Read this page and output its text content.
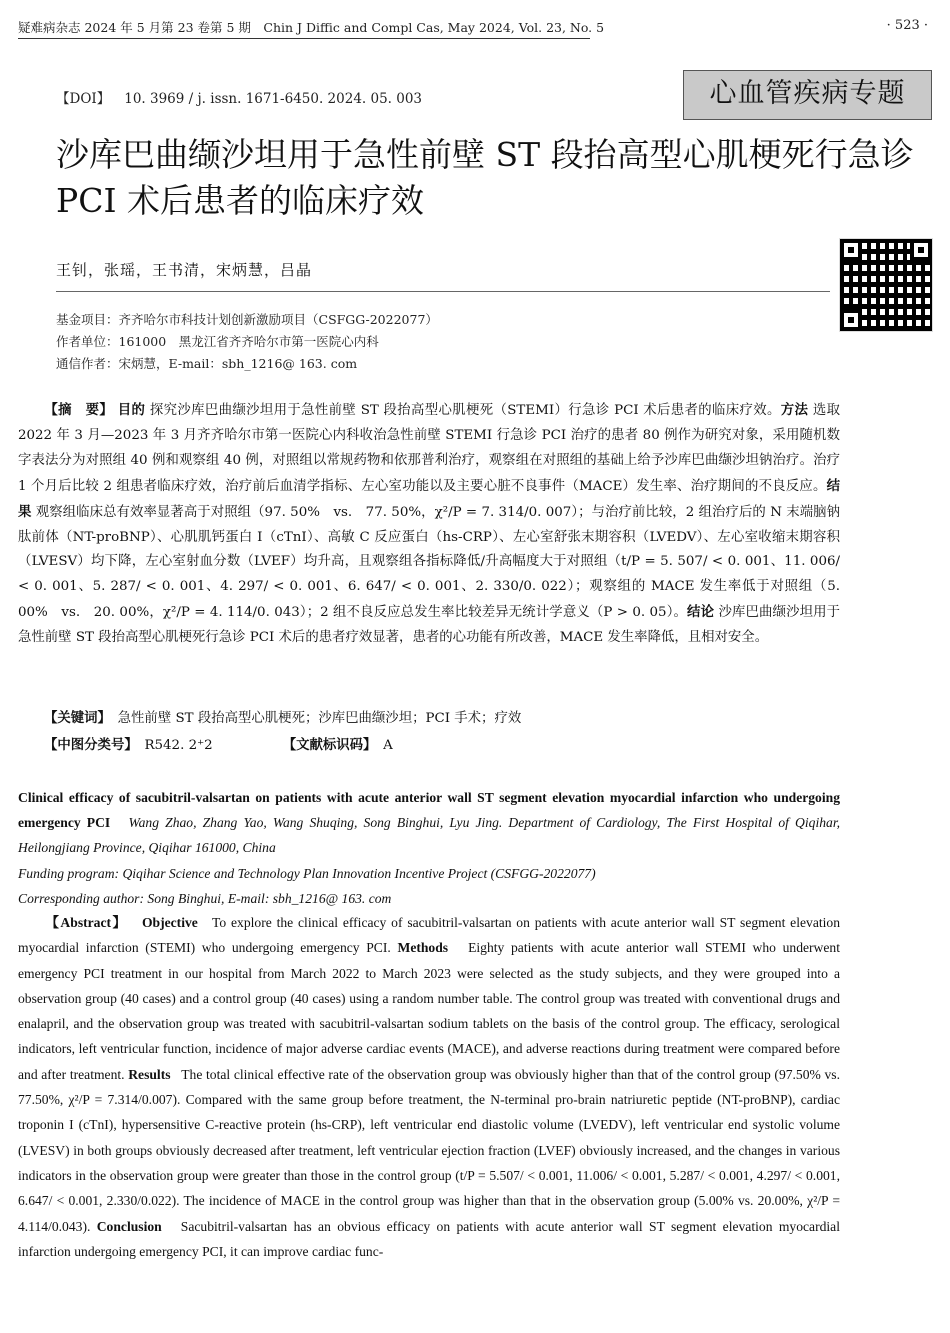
疑难病杂志 2024 年 5 月第 23 卷第 5 期　Chin J Diffic and Compl Cas, May 2024, Vol. 23, No. 5	· 523 ·
【DOI】 10. 3969 / j. issn. 1671-6450. 2024. 05. 003	心血管疾病专题
沙库巴曲缬沙坦用于急性前壁 ST 段抬高型心肌梗死行急诊 PCI 术后患者的临床疗效
王钊，张瑶，王书清，宋炳慧，吕晶
基金项目：齐齐哈尔市科技计划创新激励项目（CSFGG-2022077）
作者单位：161000　黑龙江省齐齐哈尔市第一医院心内科
通信作者：宋炳慧，E-mail：sbh_1216@ 163. com
【摘　要】 目的 探究沙库巴曲缬沙坦用于急性前壁 ST 段抬高型心肌梗死（STEMI）行急诊 PCI 术后患者的临床疗效。方法 选取 2022 年 3 月—2023 年 3 月齐齐哈尔市第一医院心内科收治急性前壁 STEMI 行急诊 PCI 治疗的患者 80 例作为研究对象，采用随机数字表法分为对照组 40 例和观察组 40 例，对照组以常规药物和依那普利治疗，观察组在对照组的基础上给予沙库巴曲缬沙坦钠治疗。治疗 1 个月后比较 2 组患者临床疗效，治疗前后血清学指标、左心室功能以及主要心脏不良事件（MACE）发生率、治疗期间的不良反应。结果 观察组临床总有效率显著高于对照组（97. 50%　vs.　77. 50%，χ²/P = 7. 314/0. 007）；与治疗前比较，2 组治疗后的 N 末端脑钠肽前体（NT-proBNP）、心肌肌钙蛋白 I（cTnI）、高敏 C 反应蛋白（hs-CRP）、左心室舒张末期容积（LVEDV）、左心室收缩末期容积（LVESV）均下降，左心室射血分数（LVEF）均升高，且观察组各指标降低/升高幅度大于对照组（t/P = 5. 507/ < 0. 001、11. 006/ < 0. 001、5. 287/ < 0. 001、4. 297/ < 0. 001、6. 647/ < 0. 001、2. 330/0. 022）；观察组的 MACE 发生率低于对照组（5. 00%　vs.　20. 00%，χ²/P = 4. 114/0. 043）；2 组不良反应总发生率比较差异无统计学意义（P > 0. 05）。结论 沙库巴曲缬沙坦用于急性前壁 ST 段抬高型心肌梗死行急诊 PCI 术后的患者疗效显著，患者的心功能有所改善，MACE 发生率降低，且相对安全。
【关键词】　 急性前壁 ST 段抬高型心肌梗死；沙库巴曲缬沙坦；PCI 手术；疗效
【中图分类号】　 R542. 2⁺2	【文献标识码】　 A
Clinical efficacy of sacubitril-valsartan on patients with acute anterior wall ST segment elevation myocardial infarction who undergoing emergency PCI Wang Zhao, Zhang Yao, Wang Shuqing, Song Binghui, Lyu Jing. Department of Cardiology, The First Hospital of Qiqihar, Heilongjiang Province, Qiqihar 161000, China
Funding program: Qiqihar Science and Technology Plan Innovation Incentive Project (CSFGG-2022077)
Corresponding author: Song Binghui, E-mail: sbh_1216@ 163. com
【Abstract】 Objective To explore the clinical efficacy of sacubitril-valsartan on patients with acute anterior wall ST segment elevation myocardial infarction (STEMI) who undergoing emergency PCI. Methods Eighty patients with acute anterior wall STEMI who underwent emergency PCI treatment in our hospital from March 2022 to March 2023 were selected as the study subjects, and they were grouped into a observation group (40 cases) and a control group (40 cases) using a random number table. The control group was treated with conventional drugs and enalapril, and the observation group was treated with sacubitril-valsartan sodium tablets on the basis of the control group. The efficacy, serological indicators, left ventricular function, incidence of major adverse cardiac events (MACE), and adverse reactions during treatment were compared before and after treatment. Results The total clinical effective rate of the observation group was obviously higher than that of the control group (97.50% vs. 77.50%, χ²/P = 7.314/0.007). Compared with the same group before treatment, the N-terminal pro-brain natriuretic peptide (NT-proBNP), cardiac troponin I (cTnI), hypersensitive C-reactive protein (hs-CRP), left ventricular end diastolic volume (LVEDV), left ventricular end systolic volume (LVESV) in both groups obviously decreased after treatment, left ventricular ejection fraction (LVEF) obviously increased, and the changes in various indicators in the observation group were greater than those in the control group (t/P = 5.507/ < 0.001, 11.006/ < 0.001, 5.287/ < 0.001, 4.297/ < 0.001, 6.647/ < 0.001, 2.330/0.022). The incidence of MACE in the control group was higher than that in the observation group (5.00% vs. 20.00%, χ²/P = 4.114/0.043). Conclusion Sacubitril-valsartan has an obvious efficacy on patients with acute anterior wall ST segment elevation myocardial infarction undergoing emergency PCI, it can improve cardiac func-
